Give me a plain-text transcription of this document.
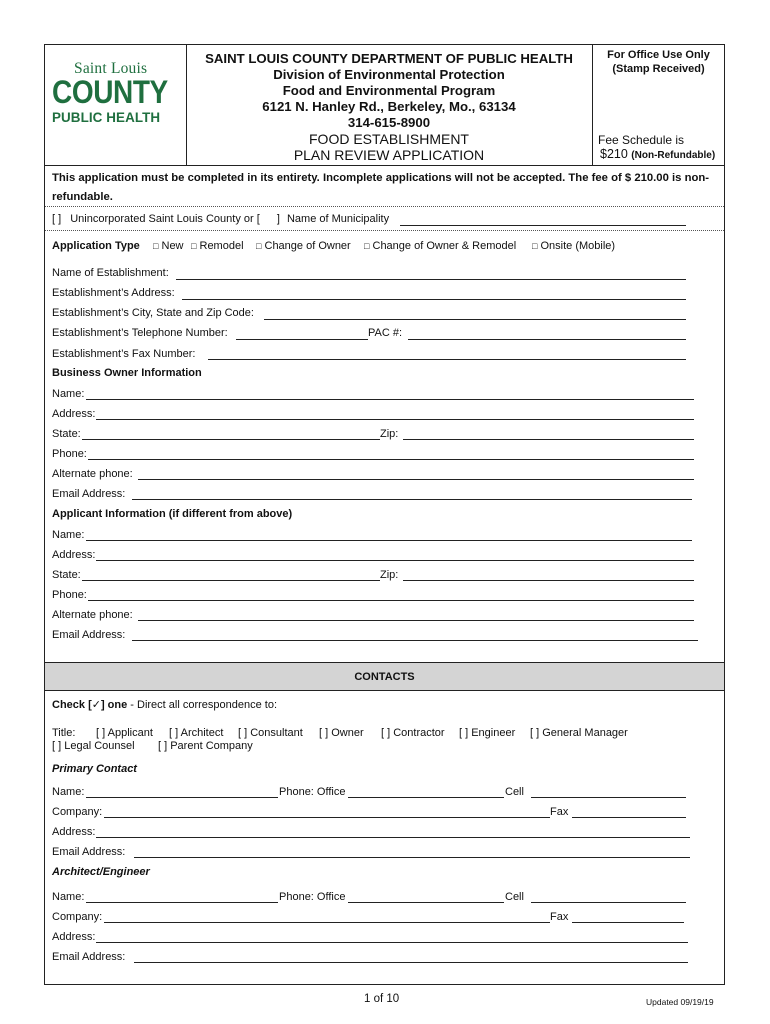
Saint Louis
COUNTY
PUBLIC HEALTH
SAINT LOUIS COUNTY DEPARTMENT OF PUBLIC HEALTH
Division of Environmental Protection
Food and Environmental Program
6121 N. Hanley Rd., Berkeley, Mo., 63134
314-615-8900
FOOD ESTABLISHMENT
PLAN REVIEW APPLICATION
For Office Use Only
(Stamp Received)
Fee Schedule is
$210 (Non-Refundable)
This application must be completed in its entirety. Incomplete applications will not be accepted. The fee of $ 210.00 is non-
refundable.
[ ] Unincorporated Saint Louis County or [ ] Name of Municipality
Application Type □ New □ Remodel □ Change of Owner □ Change of Owner & Remodel □ Onsite (Mobile)
Name of Establishment:
Establishment’s Address:
Establishment’s City, State and Zip Code:
Establishment’s Telephone Number:	PAC #:
Establishment’s Fax Number:
Business Owner Information
Name:
Address:
State:	Zip:
Phone:
Alternate phone:
Email Address:
Applicant Information (if different from above)
Name:
Address:
State:	Zip:
Phone:
Alternate phone:
Email Address:
CONTACTS
Check [✓] one - Direct all correspondence to:
Title: [ ] Applicant [ ] Architect [ ] Consultant [ ] Owner [ ] Contractor [ ] Engineer [ ] General Manager
[ ] Legal Counsel [ ] Parent Company
Primary Contact
Name:	Phone: Office	Cell
Company:	Fax
Address:
Email Address:
Architect/Engineer
Name:	Phone: Office	Cell
Company:	Fax
Address:
Email Address:
1 of 10	Updated 09/19/19
